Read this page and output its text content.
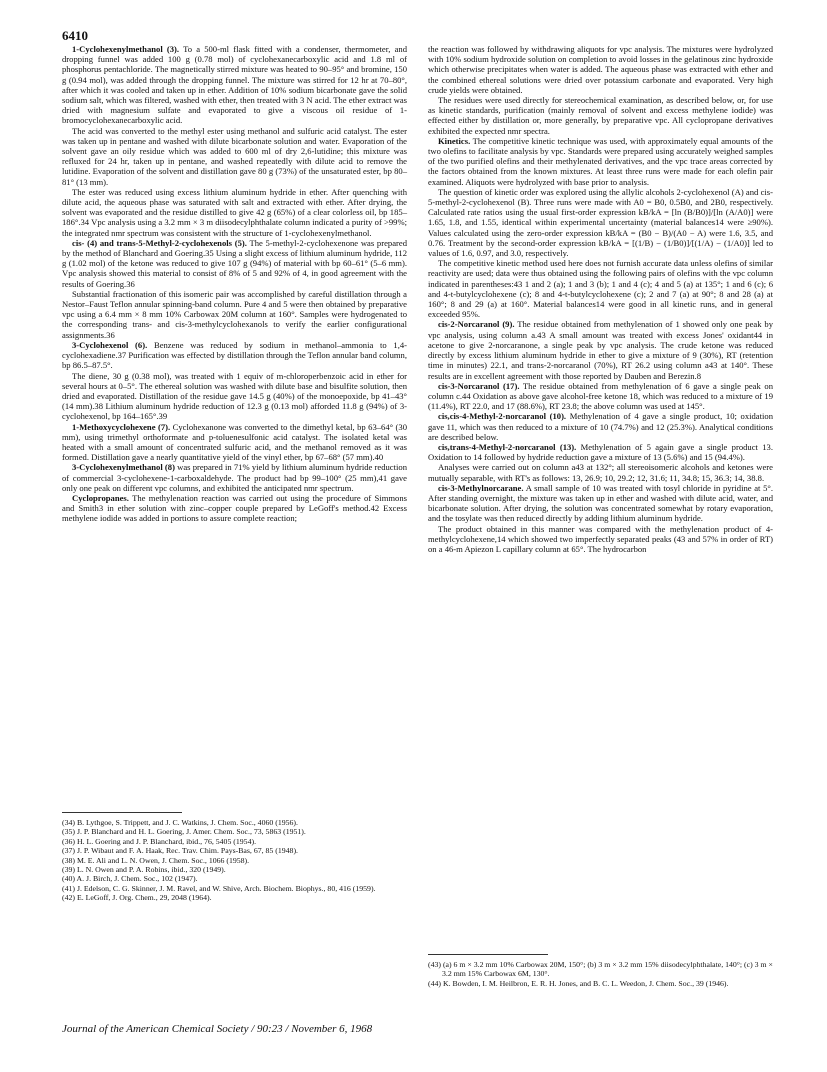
6410

1-Cyclohexenylmethanol (3). To a 500-ml flask fitted with a condenser, thermometer, and dropping funnel was added 100 g (0.78 mol) of cyclohexanecarboxylic acid and 1.8 ml of phosphorus pentachloride. The magnetically stirred mixture was heated to 90–95° and bromine, 150 g (0.94 mol), was added through the dropping funnel. The mixture was stirred for 12 hr at 70–80°, after which it was cooled and taken up in ether. Addition of 10% sodium bicarbonate gave the solid sodium salt, which was filtered, washed with ether, then treated with 3 N acid. The ether extract was dried with magnesium sulfate and evaporated to give a viscous oil residue of 1-bromocyclohexanecarboxylic acid.

The acid was converted to the methyl ester using methanol and sulfuric acid catalyst. The ester was taken up in pentane and washed with dilute bicarbonate solution and water. Evaporation of the solvent gave an oily residue which was added to 600 ml of dry 2,6-lutidine; this mixture was refluxed for 24 hr, taken up in pentane, and washed repeatedly with dilute acid to remove the lutidine. Evaporation of the solvent and distillation gave 80 g (73%) of the unsaturated ester, bp 80–81° (13 mm).

The ester was reduced using excess lithium aluminum hydride in ether. After quenching with dilute acid, the aqueous phase was saturated with salt and extracted with ether. After drying, the solvent was evaporated and the residue distilled to give 42 g (65%) of a clear colorless oil, bp 185–186°.34 Vpc analysis using a 3.2 mm × 3 m diisodecylphthalate column indicated a purity of >99%; the integrated nmr spectrum was consistent with the structure of 1-cyclohexenylmethanol.

cis- (4) and trans-5-Methyl-2-cyclohexenols (5). The 5-methyl-2-cyclohexenone was prepared by the method of Blanchard and Goering.35 Using a slight excess of lithium aluminum hydride, 112 g (1.02 mol) of the ketone was reduced to give 107 g (94%) of material with bp 60–61° (5–6 mm). Vpc analysis showed this material to consist of 8% of 5 and 92% of 4, in good agreement with the results of Goering.36

Substantial fractionation of this isomeric pair was accomplished by careful distillation through a Nestor–Faust Teflon annular spinning-band column. Pure 4 and 5 were then obtained by preparative vpc using a 6.4 mm × 8 mm 10% Carbowax 20M column at 160°. Samples were hydrogenated to the corresponding trans- and cis-3-methylcyclohexanols to verify the earlier configurational assignments.36

3-Cyclohexenol (6). Benzene was reduced by sodium in methanol–ammonia to 1,4-cyclohexadiene.37 Purification was effected by distillation through the Teflon annular band column, bp 86.5–87.5°.

The diene, 30 g (0.38 mol), was treated with 1 equiv of m-chloroperbenzoic acid in ether for several hours at 0–5°. The ethereal solution was washed with dilute base and bisulfite solution, then dried and evaporated. Distillation of the residue gave 14.5 g (40%) of the monoepoxide, bp 41–43° (14 mm).38 Lithium aluminum hydride reduction of 12.3 g (0.13 mol) afforded 11.8 g (94%) of 3-cyclohexenol, bp 164–165°.39

1-Methoxycyclohexene (7). Cyclohexanone was converted to the dimethyl ketal, bp 63–64° (30 mm), using trimethyl orthoformate and p-toluenesulfonic acid catalyst. The isolated ketal was heated with a small amount of concentrated sulfuric acid, and the methanol removed as it was formed. Distillation gave a nearly quantitative yield of the vinyl ether, bp 67–68° (57 mm).40

3-Cyclohexenylmethanol (8) was prepared in 71% yield by lithium aluminum hydride reduction of commercial 3-cyclohexene-1-carboxaldehyde. The product had bp 99–100° (25 mm),41 gave only one peak on different vpc columns, and exhibited the anticipated nmr spectrum.

Cyclopropanes. The methylenation reaction was carried out using the procedure of Simmons and Smith3 in ether solution with zinc–copper couple prepared by LeGoff's method.42 Excess methylene iodide was added in portions to assure complete reaction;

the reaction was followed by withdrawing aliquots for vpc analysis. The mixtures were hydrolyzed with 10% sodium hydroxide solution on completion to avoid losses in the gelatinous zinc hydroxide which otherwise precipitates when water is added. The aqueous phase was extracted with ether and the combined ethereal solutions were dried over potassium carbonate and evaporated. Very high crude yields were obtained.

The residues were used directly for stereochemical examination, as described below, or, for use as kinetic standards, purification (mainly removal of solvent and excess methylene iodide) was effected either by distillation or, more generally, by preparative vpc. All cyclopropane derivatives exhibited the expected nmr spectra.

Kinetics. The competitive kinetic technique was used, with approximately equal amounts of the two olefins to facilitate analysis by vpc. Standards were prepared using accurately weighed samples of the two purified olefins and their methylenated derivatives, and the vpc trace areas corrected by the factors obtained from the known mixtures. At least three runs were made for each olefin pair examined. Aliquots were hydrolyzed with base prior to analysis.

The question of kinetic order was explored using the allylic alcohols 2-cyclohexenol (A) and cis-5-methyl-2-cyclohexenol (B). Three runs were made with A0 = B0, 0.5B0, and 2B0, respectively. Calculated rate ratios using the usual first-order expression kB/kA = [ln (B/B0)]/[ln (A/A0)] were 1.65, 1.8, and 1.55, identical within experimental uncertainty (material balances14 were ≥90%). Values calculated using the zero-order expression kB/kA = (B0 − B)/(A0 − A) were 1.6, 3.5, and 0.76. Treatment by the second-order expression kB/kA = [(1/B) − (1/B0)]/[(1/A) − (1/A0)] led to values of 1.6, 0.97, and 3.0, respectively.

The competitive kinetic method used here does not furnish accurate data unless olefins of similar reactivity are used; data were thus obtained using the following pairs of olefins with the vpc column indicated in parentheses:43 1 and 2 (a); 1 and 3 (b); 1 and 4 (c); 4 and 5 (a) at 135°; 1 and 6 (c); 6 and 4-t-butylcyclohexene (c); 8 and 4-t-butylcyclohexene (c); 2 and 7 (a) at 90°; 8 and 28 (a) at 160°; 8 and 29 (a) at 160°. Material balances14 were good in all kinetic runs, and in general exceeded 95%.

cis-2-Norcaranol (9). The residue obtained from methylenation of 1 showed only one peak by vpc analysis, using column a.43 A small amount was treated with excess Jones' oxidant44 in acetone to give 2-norcaranone, a single peak by vpc analysis. The crude ketone was reduced directly by excess lithium aluminum hydride in ether to give a mixture of 9 (30%), RT (retention time in minutes) 22.1, and trans-2-norcaranol (70%), RT 26.2 using column a43 at 140°. These results are in excellent agreement with those reported by Dauben and Berezin.8

cis-3-Norcaranol (17). The residue obtained from methylenation of 6 gave a single peak on column c.44 Oxidation as above gave alcohol-free ketone 18, which was reduced to a mixture of 19 (11.4%), RT 22.0, and 17 (88.6%), RT 23.8; the above column was used at 145°.

cis,cis-4-Methyl-2-norcaranol (10). Methylenation of 4 gave a single product, 10; oxidation gave 11, which was then reduced to a mixture of 10 (74.7%) and 12 (25.3%). Analytical conditions are described below.

cis,trans-4-Methyl-2-norcaranol (13). Methylenation of 5 again gave a single product 13. Oxidation to 14 followed by hydride reduction gave a mixture of 13 (5.6%) and 15 (94.4%).

Analyses were carried out on column a43 at 132°; all stereoisomeric alcohols and ketones were mutually separable, with RT's as follows: 13, 26.9; 10, 29.2; 12, 31.6; 11, 34.8; 15, 36.3; 14, 38.8.

cis-3-Methylnorcarane. A small sample of 10 was treated with tosyl chloride in pyridine at 5°. After standing overnight, the mixture was taken up in ether and washed with dilute acid, water, and bicarbonate solution. After drying, the solution was concentrated somewhat by rotary evaporation, and the tosylate was then reduced directly by adding lithium aluminum hydride.

The product obtained in this manner was compared with the methylenation product of 4-methylcyclohexene,14 which showed two imperfectly separated peaks (43 and 57% in order of RT) on a 46-m Apiezon L capillary column at 65°. The hydrocarbon

(34) B. Lythgoe, S. Trippett, and J. C. Watkins, J. Chem. Soc., 4060 (1956).
(35) J. P. Blanchard and H. L. Goering, J. Amer. Chem. Soc., 73, 5863 (1951).
(36) H. L. Goering and J. P. Blanchard, ibid., 76, 5405 (1954).
(37) J. P. Wibaut and F. A. Haak, Rec. Trav. Chim. Pays-Bas, 67, 85 (1948).
(38) M. E. Ali and L. N. Owen, J. Chem. Soc., 1066 (1958).
(39) L. N. Owen and P. A. Robins, ibid., 320 (1949).
(40) A. J. Birch, J. Chem. Soc., 102 (1947).
(41) J. Edelson, C. G. Skinner, J. M. Ravel, and W. Shive, Arch. Biochem. Biophys., 80, 416 (1959).
(42) E. LeGoff, J. Org. Chem., 29, 2048 (1964).
(43) (a) 6 m × 3.2 mm 10% Carbowax 20M, 150°; (b) 3 m × 3.2 mm 15% diisodecylphthalate, 140°; (c) 3 m × 3.2 mm 15% Carbowax 6M, 130°.
(44) K. Bowden, I. M. Heilbron, E. R. H. Jones, and B. C. L. Weedon, J. Chem. Soc., 39 (1946).
Journal of the American Chemical Society / 90:23 / November 6, 1968
